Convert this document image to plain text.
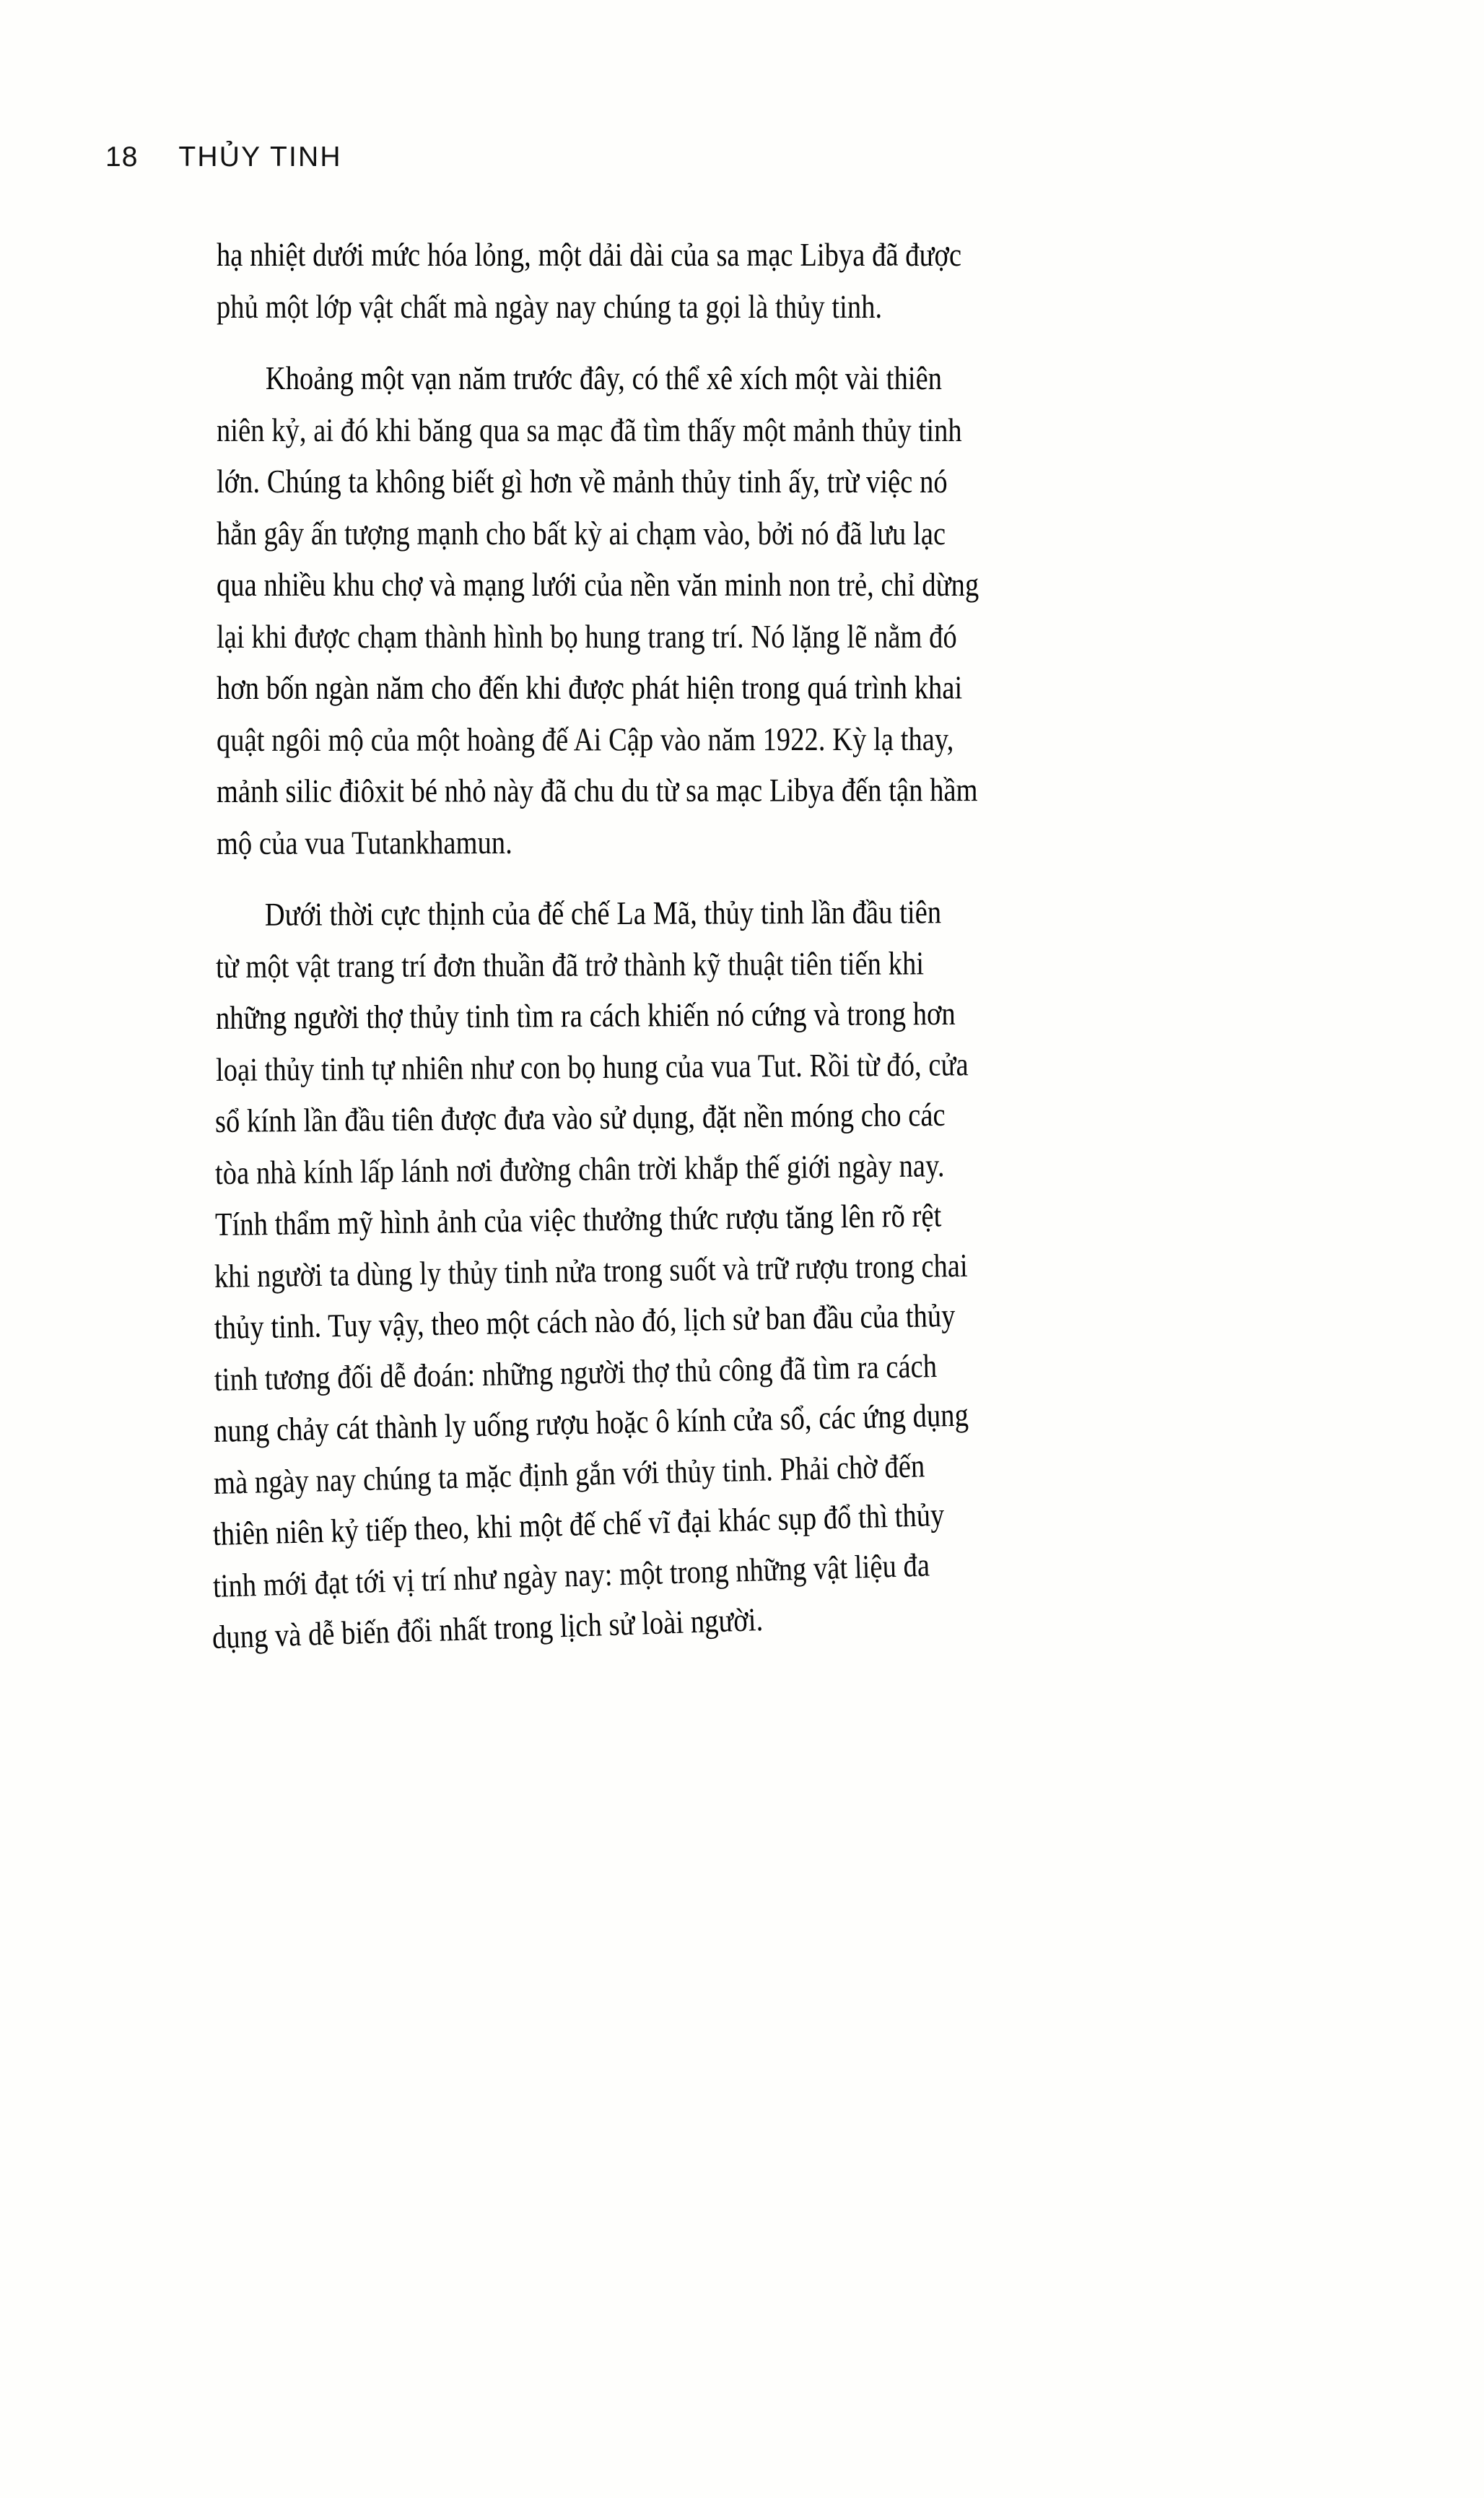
18 THỦY TINH
hạ nhiệt dưới mức hóa lỏng, một dải dài của sa mạc Libya đã được
phủ một lớp vật chất mà ngày nay chúng ta gọi là thủy tinh.
Khoảng một vạn năm trước đây, có thể xê xích một vài thiên
niên kỷ, ai đó khi băng qua sa mạc đã tìm thấy một mảnh thủy tinh
lớn. Chúng ta không biết gì hơn về mảnh thủy tinh ấy, trừ việc nó
hẳn gây ấn tượng mạnh cho bất kỳ ai chạm vào, bởi nó đã lưu lạc
qua nhiều khu chợ và mạng lưới của nền văn minh non trẻ, chỉ dừng
lại khi được chạm thành hình bọ hung trang trí. Nó lặng lẽ nằm đó
hơn bốn ngàn năm cho đến khi được phát hiện trong quá trình khai
quật ngôi mộ của một hoàng đế Ai Cập vào năm 1922. Kỳ lạ thay,
mảnh silic điôxit bé nhỏ này đã chu du từ sa mạc Libya đến tận hầm
mộ của vua Tutankhamun.
Dưới thời cực thịnh của đế chế La Mã, thủy tinh lần đầu tiên
từ một vật trang trí đơn thuần đã trở thành kỹ thuật tiên tiến khi
những người thợ thủy tinh tìm ra cách khiến nó cứng và trong hơn
loại thủy tinh tự nhiên như con bọ hung của vua Tut. Rồi từ đó, cửa
sổ kính lần đầu tiên được đưa vào sử dụng, đặt nền móng cho các
tòa nhà kính lấp lánh nơi đường chân trời khắp thế giới ngày nay.
Tính thẩm mỹ hình ảnh của việc thưởng thức rượu tăng lên rõ rệt
khi người ta dùng ly thủy tinh nửa trong suốt và trữ rượu trong chai
thủy tinh. Tuy vậy, theo một cách nào đó, lịch sử ban đầu của thủy
tinh tương đối dễ đoán: những người thợ thủ công đã tìm ra cách
nung chảy cát thành ly uống rượu hoặc ô kính cửa sổ, các ứng dụng
mà ngày nay chúng ta mặc định gắn với thủy tinh. Phải chờ đến
thiên niên kỷ tiếp theo, khi một đế chế vĩ đại khác sụp đổ thì thủy
tinh mới đạt tới vị trí như ngày nay: một trong những vật liệu đa
dụng và dễ biến đổi nhất trong lịch sử loài người.
